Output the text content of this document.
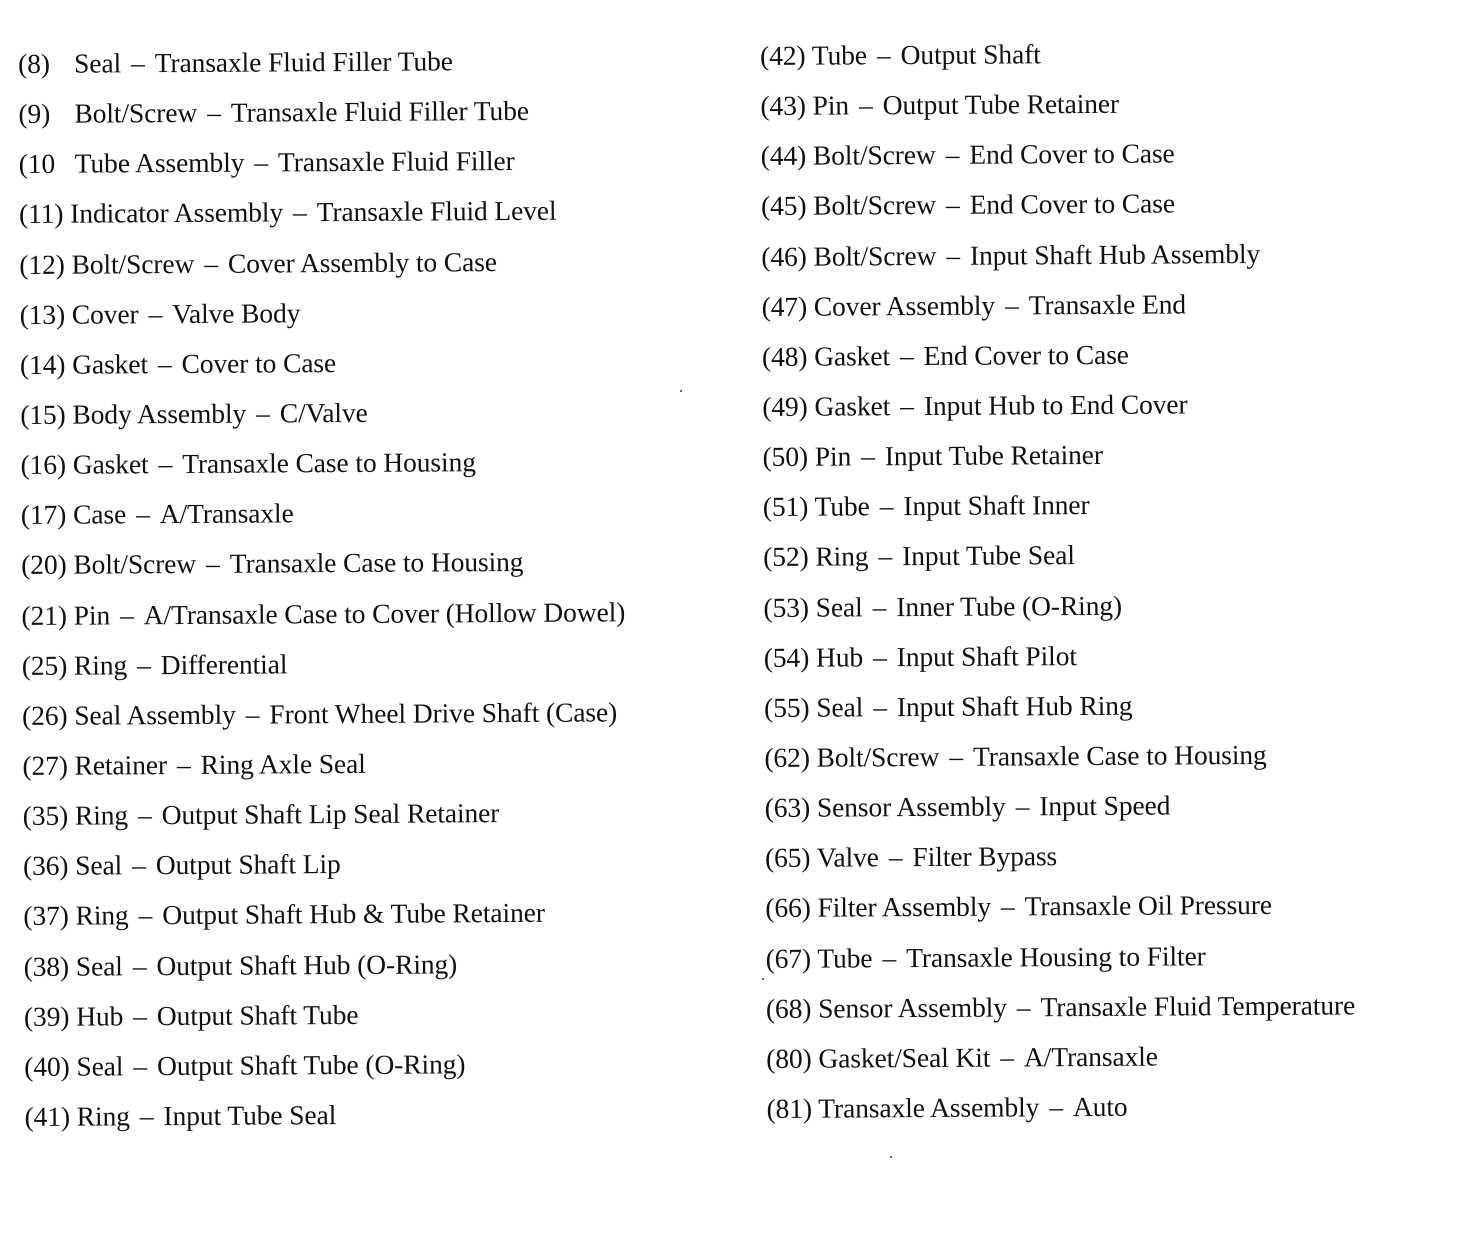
(8) Seal – Transaxle Fluid Filler Tube
(9) Bolt/Screw – Transaxle Fluid Filler Tube
(10 Tube Assembly – Transaxle Fluid Filler
(11) Indicator Assembly – Transaxle Fluid Level
(12) Bolt/Screw – Cover Assembly to Case
(13) Cover – Valve Body
(14) Gasket – Cover to Case
(15) Body Assembly – C/Valve
(16) Gasket – Transaxle Case to Housing
(17) Case – A/Transaxle
(20) Bolt/Screw – Transaxle Case to Housing
(21) Pin – A/Transaxle Case to Cover (Hollow Dowel)
(25) Ring – Differential
(26) Seal Assembly – Front Wheel Drive Shaft (Case)
(27) Retainer – Ring Axle Seal
(35) Ring – Output Shaft Lip Seal Retainer
(36) Seal – Output Shaft Lip
(37) Ring – Output Shaft Hub & Tube Retainer
(38) Seal – Output Shaft Hub (O-Ring)
(39) Hub – Output Shaft Tube
(40) Seal – Output Shaft Tube (O-Ring)
(41) Ring – Input Tube Seal
(42) Tube – Output Shaft
(43) Pin – Output Tube Retainer
(44) Bolt/Screw – End Cover to Case
(45) Bolt/Screw – End Cover to Case
(46) Bolt/Screw – Input Shaft Hub Assembly
(47) Cover Assembly – Transaxle End
(48) Gasket – End Cover to Case
(49) Gasket – Input Hub to End Cover
(50) Pin – Input Tube Retainer
(51) Tube – Input Shaft Inner
(52) Ring – Input Tube Seal
(53) Seal – Inner Tube (O-Ring)
(54) Hub – Input Shaft Pilot
(55) Seal – Input Shaft Hub Ring
(62) Bolt/Screw – Transaxle Case to Housing
(63) Sensor Assembly – Input Speed
(65) Valve – Filter Bypass
(66) Filter Assembly – Transaxle Oil Pressure
(67) Tube – Transaxle Housing to Filter
(68) Sensor Assembly – Transaxle Fluid Temperature
(80) Gasket/Seal Kit – A/Transaxle
(81) Transaxle Assembly – Auto
